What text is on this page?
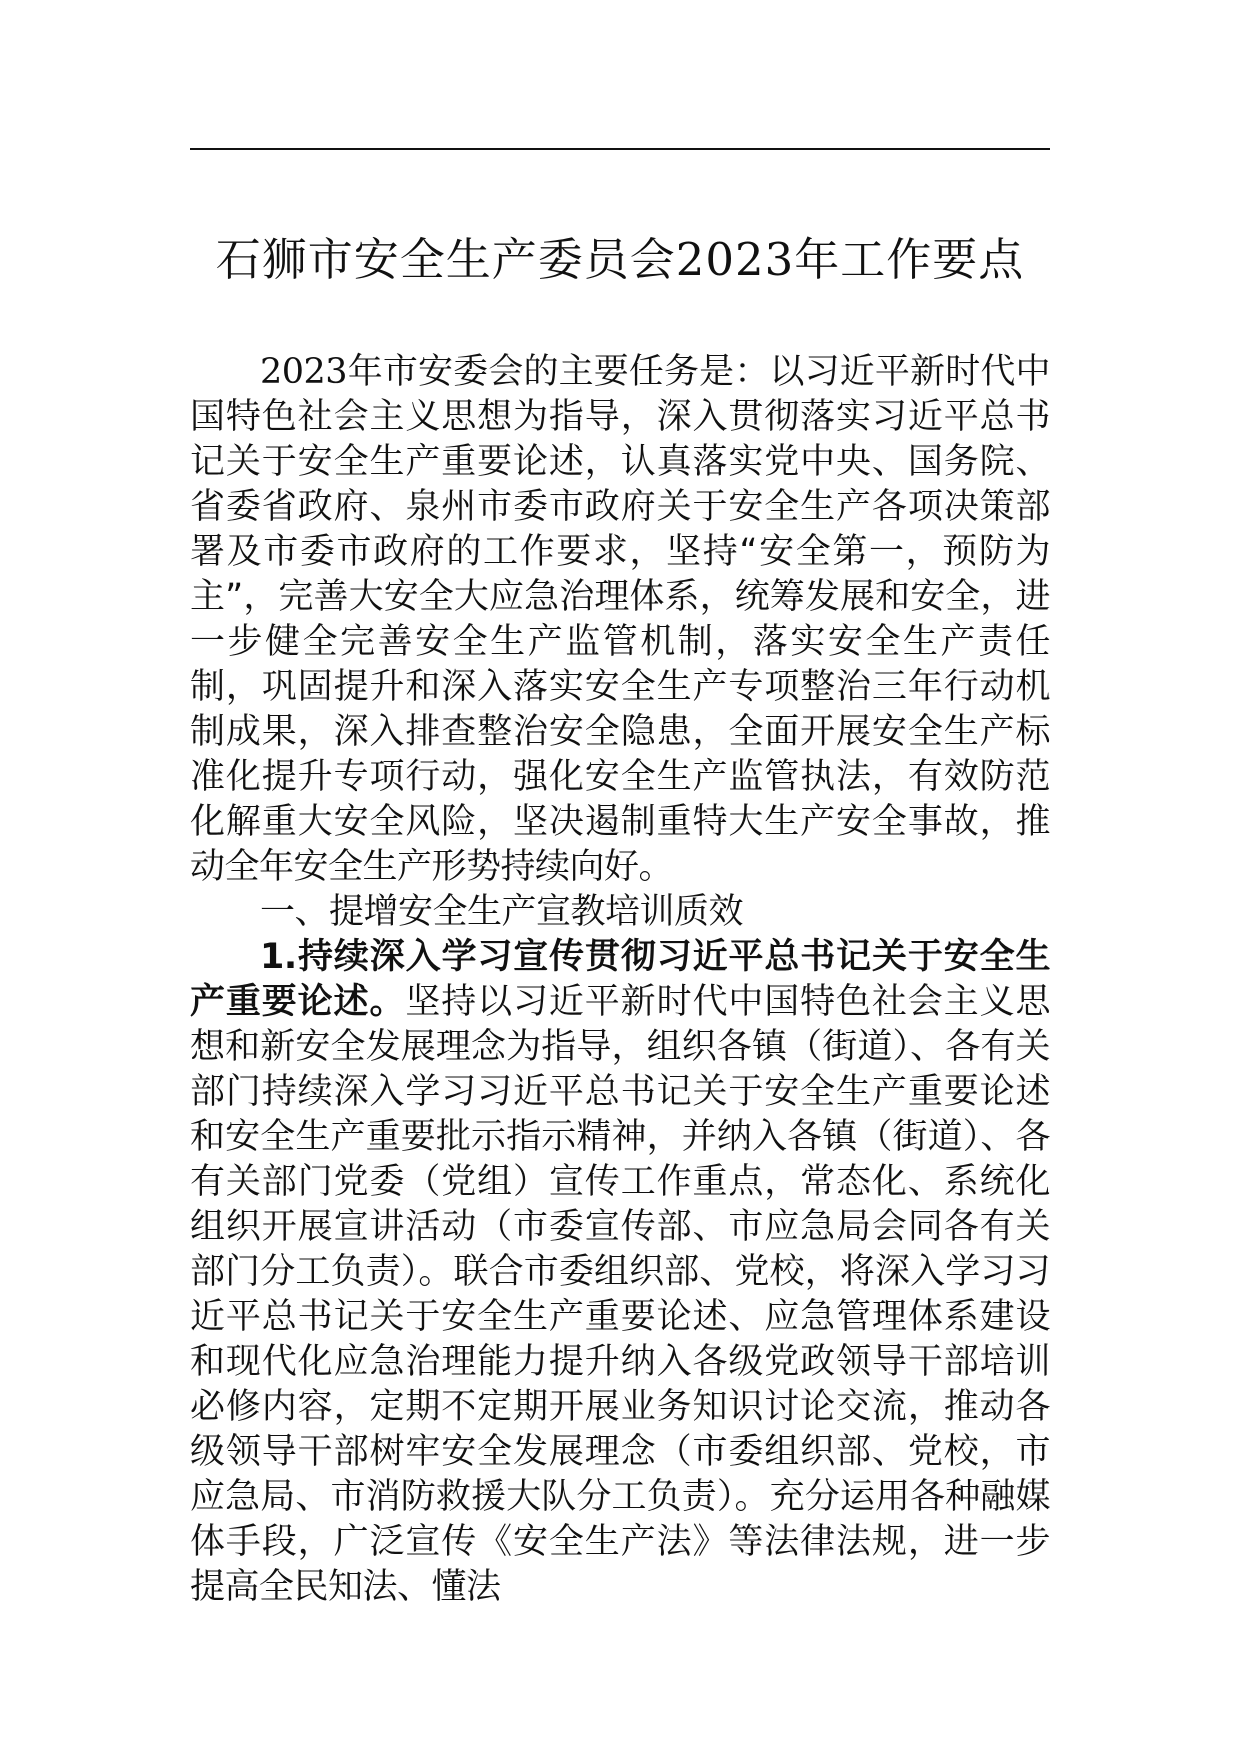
石狮市安全生产委员会2023年工作要点

2023年市安委会的主要任务是：以习近平新时代中国特色社会主义思想为指导，深入贯彻落实习近平总书记关于安全生产重要论述，认真落实党中央、国务院、省委省政府、泉州市委市政府关于安全生产各项决策部署及市委市政府的工作要求，坚持“安全第一，预防为主”，完善大安全大应急治理体系，统筹发展和安全，进一步健全完善安全生产监管机制，落实安全生产责任制，巩固提升和深入落实安全生产专项整治三年行动机制成果，深入排查整治安全隐患，全面开展安全生产标准化提升专项行动，强化安全生产监管执法，有效防范化解重大安全风险，坚决遏制重特大生产安全事故，推动全年安全生产形势持续向好。

一、提增安全生产宣教培训质效

1.持续深入学习宣传贯彻习近平总书记关于安全生产重要论述。坚持以习近平新时代中国特色社会主义思想和新安全发展理念为指导，组织各镇（街道）、各有关部门持续深入学习习近平总书记关于安全生产重要论述和安全生产重要批示指示精神，并纳入各镇（街道）、各有关部门党委（党组）宣传工作重点，常态化、系统化组织开展宣讲活动（市委宣传部、市应急局会同各有关部门分工负责）。联合市委组织部、党校，将深入学习习近平总书记关于安全生产重要论述、应急管理体系建设和现代化应急治理能力提升纳入各级党政领导干部培训必修内容，定期不定期开展业务知识讨论交流，推动各级领导干部树牢安全发展理念（市委组织部、党校，市应急局、市消防救援大队分工负责）。充分运用各种融媒体手段，广泛宣传《安全生产法》等法律法规，进一步提高全民知法、懂法
